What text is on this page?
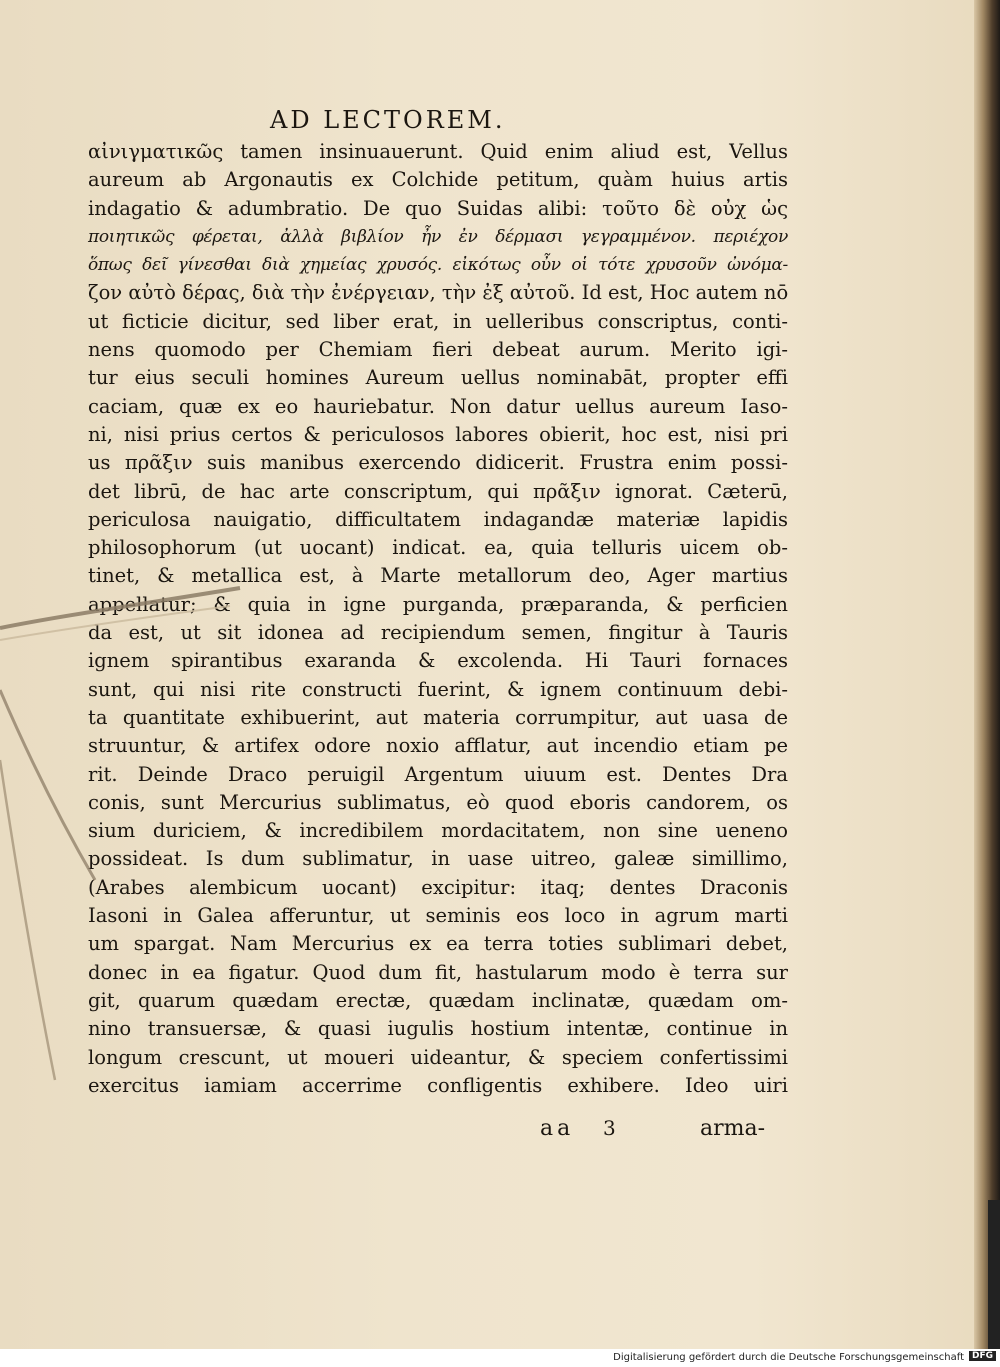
AD LECTOREM.
αἰνιγματικῶς tamen insinuauerunt. Quid enim aliud est, Vellus
aureum ab Argonautis ex Colchide petitum, quàm huius artis
indagatio & adumbratio. De quo Suidas alibi: τοῦτο δὲ οὐχ ὡς
ποιητικῶς φέρεται, ἀλλὰ βιβλίον ἦν ἐν δέρμασι γεγραμμένον. περιέχον
ὅπως δεῖ γίνεσθαι διὰ χημείας χρυσός. εἰκότως οὖν οἱ τότε χρυσοῦν ὠνόμα-
ζον αὐτὸ δέρας, διὰ τὴν ἐνέργειαν, τὴν ἐξ αὐτοῦ. Id est, Hoc autem nō
ut ficticie dicitur, sed liber erat, in uelleribus conscriptus, conti-
nens quomodo per Chemiam fieri debeat aurum. Merito igi-
tur eius seculi homines Aureum uellus nominabāt, propter effi
caciam, quæ ex eo hauriebatur. Non datur uellus aureum Iaso-
ni, nisi prius certos & periculosos labores obierit, hoc est, nisi pri
us πρᾶξιν suis manibus exercendo didicerit. Frustra enim possi-
det librū, de hac arte conscriptum, qui πρᾶξιν ignorat. Cæterū,
periculosa nauigatio, difficultatem indagandæ materiæ lapidis
philosophorum (ut uocant) indicat. ea, quia telluris uicem ob-
tinet, & metallica est, à Marte metallorum deo, Ager martius
appellatur; & quia in igne purganda, præparanda, & perficien
da est, ut sit idonea ad recipiendum semen, fingitur à Tauris
ignem spirantibus exaranda & excolenda. Hi Tauri fornaces
sunt, qui nisi rite constructi fuerint, & ignem continuum debi-
ta quantitate exhibuerint, aut materia corrumpitur, aut uasa de
struuntur, & artifex odore noxio afflatur, aut incendio etiam pe
rit. Deinde Draco peruigil Argentum uiuum est. Dentes Dra
conis, sunt Mercurius sublimatus, eò quod eboris candorem, os
sium duriciem, & incredibilem mordacitatem, non sine ueneno
possideat. Is dum sublimatur, in uase uitreo, galeæ simillimo,
(Arabes alembicum uocant) excipitur: itaq; dentes Draconis
Iasoni in Galea afferuntur, ut seminis eos loco in agrum marti
um spargat. Nam Mercurius ex ea terra toties sublimari debet,
donec in ea figatur. Quod dum fit, hastularum modo è terra sur
git, quarum quædam erectæ, quædam inclinatæ, quædam om-
nino transuersæ, & quasi iugulis hostium intentæ, continue in
longum crescunt, ut moueri uideantur, & speciem confertissimi
exercitus iamiam accerrime confligentis exhibere. Ideo uiri
aa 3	arma-
Digitalisierung gefördert durch die Deutsche Forschungsgemeinschaft DFG
